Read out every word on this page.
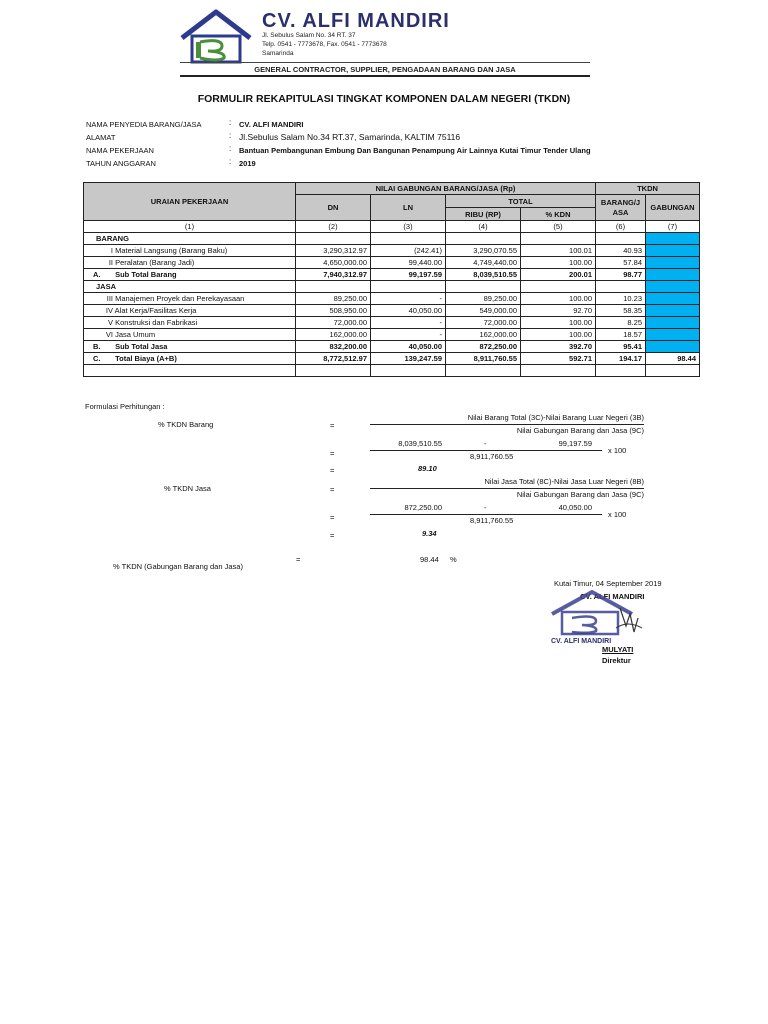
CV. ALFI MANDIRI
Jl. Sebulus Salam No. 34 RT. 37
Telp. 0541 - 7773678, Fax. 0541 - 7773678
Samarinda
GENERAL CONTRACTOR, SUPPLIER, PENGADAAN BARANG DAN JASA
FORMULIR REKAPITULASI TINGKAT KOMPONEN DALAM NEGERI (TKDN)
NAMA PENYEDIA BARANG/JASA	: CV. ALFI MANDIRI
ALAMAT	: Jl.Sebulus Salam No.34 RT.37, Samarinda, KALTIM 75116
NAMA PEKERJAAN	: Bantuan Pembangunan Embung Dan Bangunan Penampung Air Lainnya Kutai Timur Tender Ulang
TAHUN ANGGARAN	: 2019
URAIAN PEKERJAAN	NILAI GABUNGAN BARANG/JASA (Rp)				TKDN	
	DN	LN	TOTAL		BARANG/J ASA	GABUNGAN
			RIBU (RP)	% KDN		
(1)	(2)	(3)	(4)	(5)	(6)	(7)
BARANG						
I Material Langsung (Barang Baku)	3,290,312.97	(242.41)	3,290,070.55	100.01	40.93	
II Peralatan (Barang Jadi)	4,650,000.00	99,440.00	4,749,440.00	100.00	57.84	
A. Sub Total Barang	7,940,312.97	99,197.59	8,039,510.55	200.01	98.77	
JASA						
III Manajemen Proyek dan Perekayasaan	89,250.00	-	89,250.00	100.00	10.23	
IV Alat Kerja/Fasilitas Kerja	508,950.00	40,050.00	549,000.00	92.70	58.35	
V Konstruksi dan Fabrikasi	72,000.00	-	72,000.00	100.00	8.25	
VI Jasa Umum	162,000.00	-	162,000.00	100.00	18.57	
B. Sub Total Jasa	832,200.00	40,050.00	872,250.00	392.70	95.41	
C. Total Biaya (A+B)	8,772,512.97	139,247.59	8,911,760.55	592.71	194.17	98.44

Formulasi Perhitungan :
% TKDN Barang	=
Nilai Barang Total (3C)-Nilai Barang Luar Negeri (3B)
Nilai Gabungan Barang dan Jasa (9C)
=
8,039,510.55	-	99,197.59
8,911,760.55
x 100
=	89.10
% TKDN Jasa	=
Nilai Jasa Total (8C)-Nilai Jasa Luar Negeri (8B)
Nilai Gabungan Barang dan Jasa (9C)
=
872,250.00	-	40,050.00
8,911,760.55
x 100
=	9.34
=	98.44 %
% TKDN (Gabungan Barang dan Jasa)
Kutai Timur, 04 September 2019
CV. ALFI MANDIRI
CV. ALFI MANDIRI
MULYATI
Direktur
